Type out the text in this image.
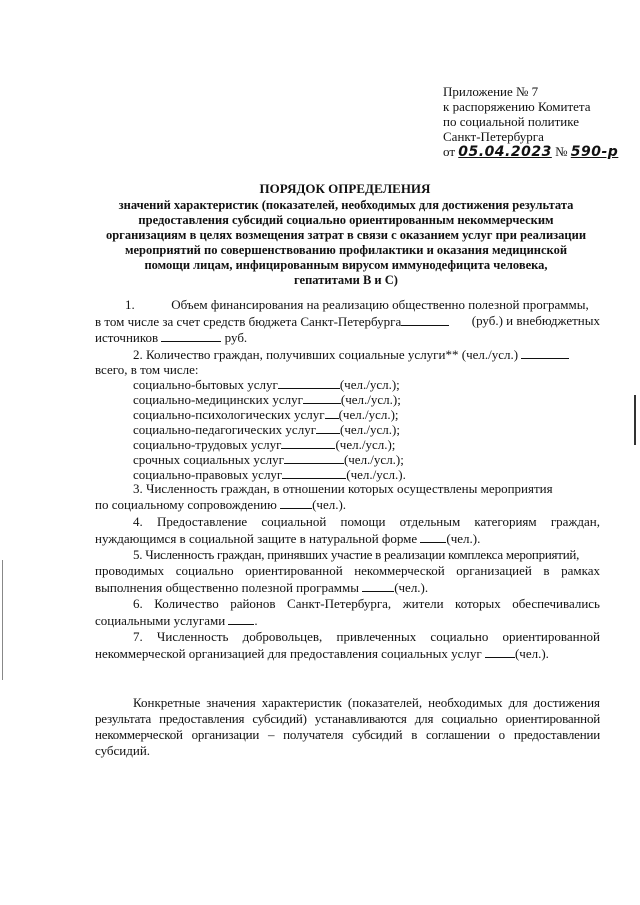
Приложение № 7
к распоряжению Комитета
по социальной политике
Санкт-Петербурга
от 05.04.2023 № 590-р
ПОРЯДОК ОПРЕДЕЛЕНИЯ
значений характеристик (показателей, необходимых для достижения результата
предоставления субсидий социально ориентированным некоммерческим
организациям в целях возмещения затрат в связи с оказанием услуг при реализации
мероприятий по совершенствованию профилактики и оказания медицинской
помощи лицам, инфицированным вирусом иммунодефицита человека,
гепатитами В и С)
1.	Объем финансирования на реализацию общественно полезной программы,
в том числе за счет средств бюджета Санкт-Петербурга	(руб.) и внебюджетных
источников	руб.
2. Количество граждан, получивших социальные услуги** (чел./усл.)
всего, в том числе:
социально-бытовых услуг	(чел./усл.);
социально-медицинских услуг	(чел./усл.);
социально-психологических услуг (чел./усл.);
социально-педагогических услуг (чел./усл.);
социально-трудовых услуг	(чел./усл.);
срочных социальных услуг	(чел./усл.);
социально-правовых услуг	(чел./усл.).
3. Численность граждан, в отношении которых осуществлены мероприятия
по социальному сопровождению	(чел.).
4. Предоставление социальной помощи отдельным категориям граждан,
нуждающимся в социальной защите в натуральной форме (чел.).
5. Численность граждан, принявших участие в реализации комплекса мероприятий,
проводимых социально ориентированной некоммерческой организацией в рамках
выполнения общественно полезной программы	(чел.).
6. Количество районов Санкт-Петербурга, жители которых обеспечивались
социальными услугами .
7. Численность добровольцев, привлеченных социально ориентированной
некоммерческой организацией для предоставления социальных услуг	(чел.).
Конкретные значения характеристик (показателей, необходимых для достижения
результата предоставления субсидий) устанавливаются для социально ориентированной
некоммерческой организации – получателя субсидий в соглашении о предоставлении
субсидий.
